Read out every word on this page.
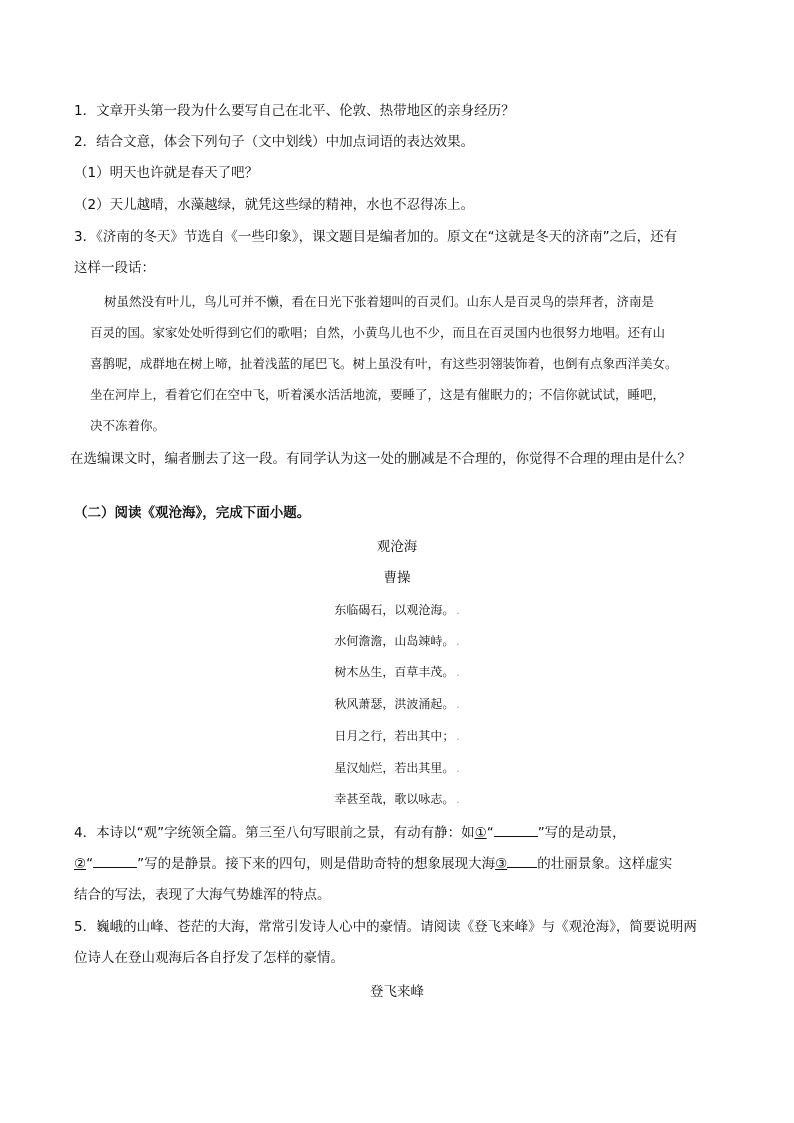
1．文章开头第一段为什么要写自己在北平、伦敦、热带地区的亲身经历？
2．结合文意，体会下列句子（文中划线）中加点词语的表达效果。
（1）明天也许就是春天了吧？
（2）天儿越晴，水藻越绿，就凭这些绿的精神，水也不忍得冻上。
3．《济南的冬天》节选自《一些印象》，课文题目是编者加的。原文在“这就是冬天的济南”之后，还有
这样一段话：

树虽然没有叶儿，鸟儿可并不懒，看在日光下张着翅叫的百灵们。山东人是百灵鸟的崇拜者，济南是

百灵的国。家家处处听得到它们的歌唱；自然，小黄鸟儿也不少，而且在百灵国内也很努力地唱。还有山

喜鹊呢，成群地在树上啼，扯着浅蓝的尾巴飞。树上虽没有叶，有这些羽翎装饰着，也倒有点象西洋美女。

坐在河岸上，看着它们在空中飞，听着溪水活活地流，要睡了，这是有催眠力的；不信你就试试，睡吧，

决不冻着你。

在选编课文时，编者删去了这一段。有同学认为这一处的删减是不合理的，你觉得不合理的理由是什么？
（二）阅读《观沧海》，完成下面小题。
观沧海
曹操
东临碣石，以观沧海。 .
水何澹澹，山岛竦峙。 .
树木丛生，百草丰茂。 .
秋风萧瑟，洪波涌起。 .
日月之行，若出其中； .
星汉灿烂，若出其里。 .
幸甚至哉，歌以咏志。 .
4．本诗以“观”字统领全篇。第三至八句写眼前之景，有动有静：如①“	”写的是动景，
②“	”写的是静景。接下来的四句，则是借助奇特的想象展现大海③ 的壮丽景象。这样虚实
结合的写法，表现了大海气势雄浑的特点。
5．巍峨的山峰、苍茫的大海，常常引发诗人心中的豪情。请阅读《登飞来峰》与《观沧海》，简要说明两
位诗人在登山观海后各自抒发了怎样的豪情。
登飞来峰
